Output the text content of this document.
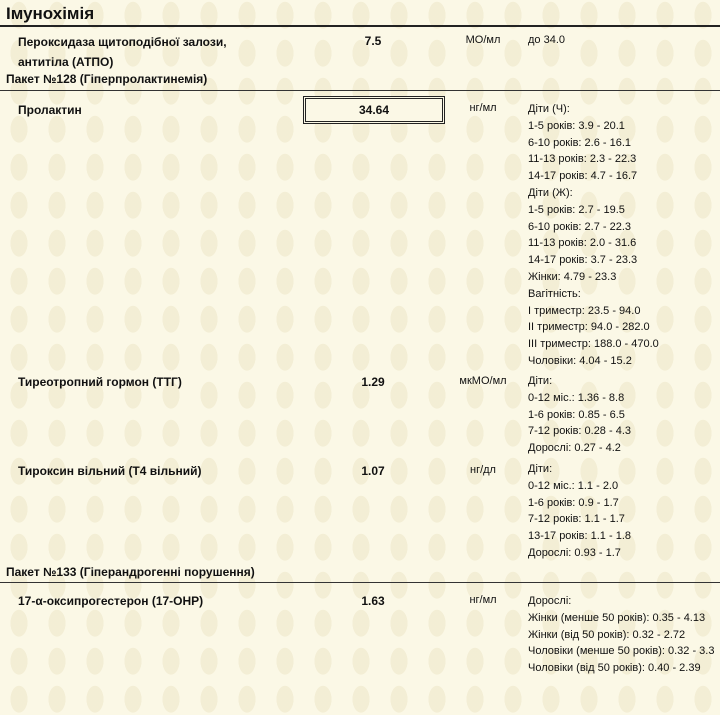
Імунохімія
Пероксидаза щитоподібної залози, антитіла (АТПО)
7.5	МО/мл	до 34.0
Пакет №128 (Гіперпролактинемія)
Пролактин	34.64	нг/мл	Діти (Ч):
1-5 років: 3.9 - 20.1
6-10 років: 2.6 - 16.1
11-13 років: 2.3 - 22.3
14-17 років: 4.7 - 16.7
Діти (Ж):
1-5 років: 2.7 - 19.5
6-10 років: 2.7 - 22.3
11-13 років: 2.0 - 31.6
14-17 років: 3.7 - 23.3
Жінки: 4.79 - 23.3
Вагітність:
І триместр: 23.5 - 94.0
ІІ триместр: 94.0 - 282.0
ІІІ триместр: 188.0 - 470.0
Чоловіки: 4.04 - 15.2
Тиреотропний гормон (ТТГ)	1.29	мкМО/мл	Діти:
0-12 міс.: 1.36 - 8.8
1-6 років: 0.85 - 6.5
7-12 років: 0.28 - 4.3
Дорослі: 0.27 - 4.2
Тироксин вільний (Т4 вільний)	1.07	нг/дл	Діти:
0-12 міс.: 1.1 - 2.0
1-6 років: 0.9 - 1.7
7-12 років: 1.1 - 1.7
13-17 років: 1.1 - 1.8
Дорослі: 0.93 - 1.7
Пакет №133 (Гіперандрогенні порушення)
17-α-оксипрогестерон (17-ОНР)	1.63	нг/мл	Дорослі:
Жінки (менше 50 років): 0.35 - 4.13
Жінки (від 50 років): 0.32 - 2.72
Чоловіки (менше 50 років): 0.32 - 3.3
Чоловіки (від 50 років): 0.40 - 2.39
